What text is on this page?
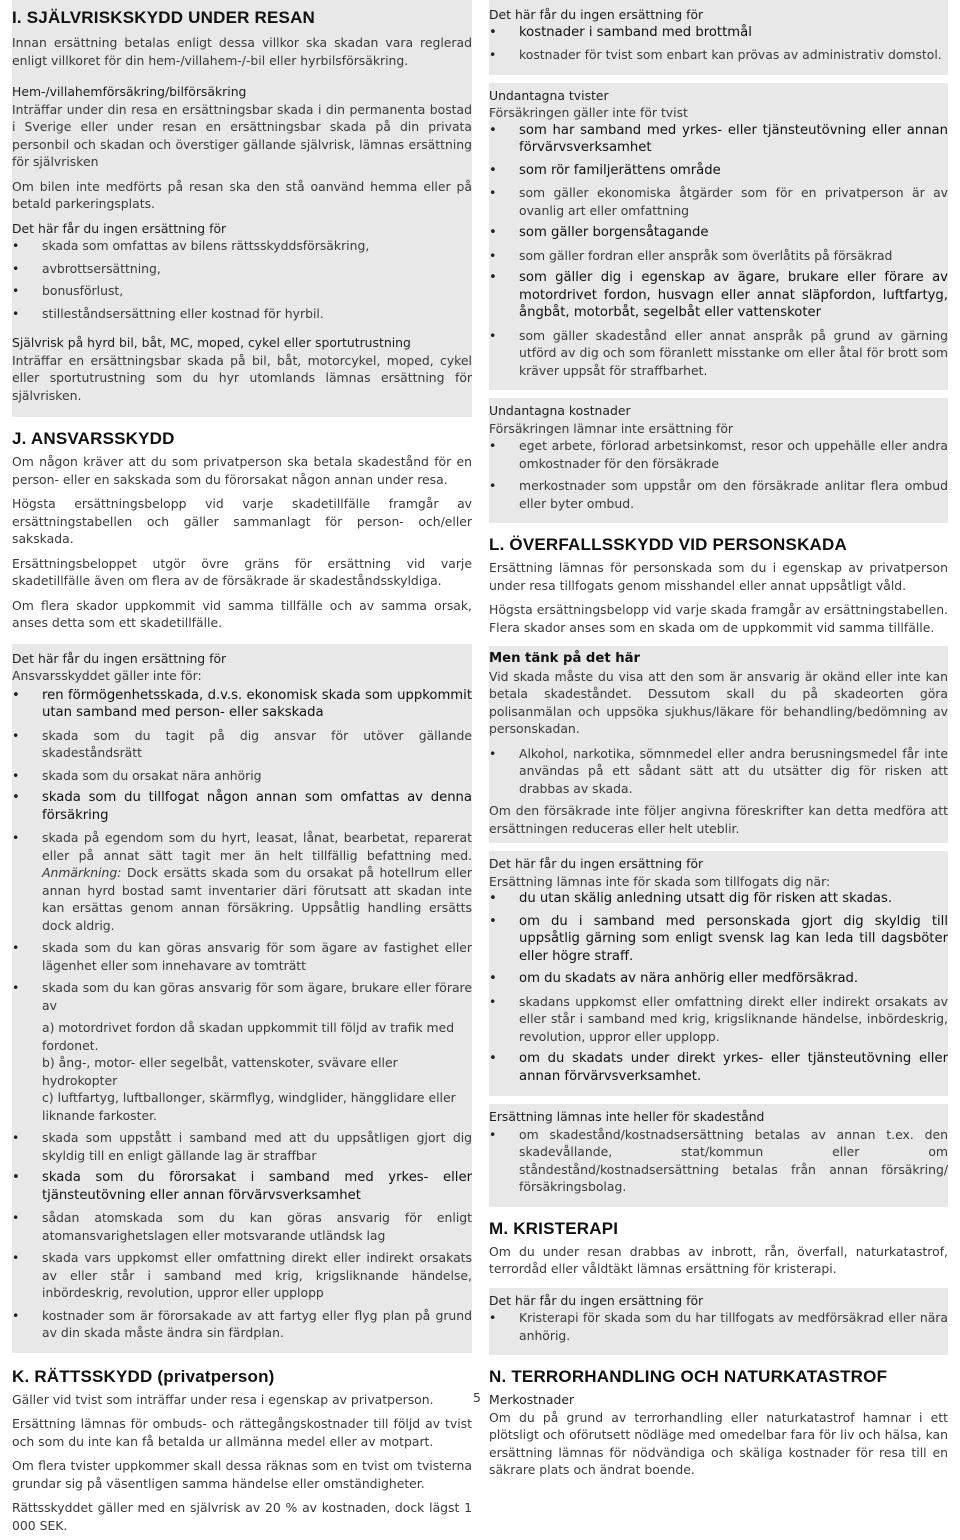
I. SJÄLVRISKSKYDD UNDER RESAN

Innan ersättning betalas enligt dessa villkor ska skadan vara reglerad enligt villkoret för din hem-/villahem-/-bil eller hyrbilsförsäkring.

Hem-/villahemförsäkring/bilförsäkring

Inträffar under din resa en ersättningsbar skada i din permanenta bostad i Sverige eller under resan en ersättningsbar skada på din privata personbil och skadan och överstiger gällande självrisk, lämnas ersättning för självrisken

Om bilen inte medförts på resan ska den stå oanvänd hemma eller på betald parkeringsplats.

Det här får du ingen ersättning för
• skada som omfattas av bilens rättsskyddsförsäkring,
• avbrottsersättning,
• bonusförlust,
• stilleståndsersättning eller kostnad för hyrbil.
Självrisk på hyrd bil, båt, MC, moped, cykel eller sportutrustning

Inträffar en ersättningsbar skada på bil, båt, motorcykel, moped, cykel eller sportutrustning som du hyr utomlands lämnas ersättning för självrisken.

J. ANSVARSSKYDD

Om någon kräver att du som privatperson ska betala skadestånd för en person- eller en sakskada som du förorsakat någon annan under resa.

Högsta ersättningsbelopp vid varje skadetillfälle framgår av ersättningstabellen och gäller sammanlagt för person- och/eller sakskada.

Ersättningsbeloppet utgör övre gräns för ersättning vid varje skadetillfälle även om flera av de försäkrade är skadeståndsskyldiga.

Om flera skador uppkommit vid samma tillfälle och av samma orsak, anses detta som ett skadetillfälle.

Det här får du ingen ersättning för
Ansvarsskyddet gäller inte för:
• ren förmögenhetsskada, d.v.s. ekonomisk skada som uppkommit utan samband med person- eller sakskada
• skada som du tagit på dig ansvar för utöver gällande skadeståndsrätt
• skada som du orsakat nära anhörig
• skada som du tillfogat någon annan som omfattas av denna försäkring
• skada på egendom som du hyrt, leasat, lånat, bearbetat, reparerat eller på annat sätt tagit mer än helt tillfällig befattning med. Anmärkning: Dock ersätts skada som du orsakat på hotellrum eller annan hyrd bostad samt inventarier däri förutsatt att skadan inte kan ersättas genom annan försäkring. Uppsåtlig handling ersätts dock aldrig.
• skada som du kan göras ansvarig för som ägare av fastighet eller lägenhet eller som innehavare av tomträtt
• skada som du kan göras ansvarig för som ägare, brukare eller förare av
a) motordrivet fordon då skadan uppkommit till följd av trafik med fordonet.
b) ång-, motor- eller segelbåt, vattenskoter, svävare eller hydrokopter
c) luftfartyg, luftballonger, skärmflyg, windglider, hängglidare eller liknande farkoster.
• skada som uppstått i samband med att du uppsåtligen gjort dig skyldig till en enligt gällande lag är straffbar
• skada som du förorsakat i samband med yrkes- eller tjänsteutövning eller annan förvärvsverksamhet
• sådan atomskada som du kan göras ansvarig för enligt atomansvarighetslagen eller motsvarande utländsk lag
• skada vars uppkomst eller omfattning direkt eller indirekt orsakats av eller står i samband med krig, krigsliknande händelse, inbördeskrig, revolution, uppror eller upplopp
• kostnader som är förorsakade av att fartyg eller flyg plan på grund av din skada måste ändra sin färdplan.
K. RÄTTSSKYDD (privatperson)

Gäller vid tvist som inträffar under resa i egenskap av privatperson.

Ersättning lämnas för ombuds- och rättegångskostnader till följd av tvist och som du inte kan få betalda ur allmänna medel eller av motpart.

Om flera tvister uppkommer skall dessa räknas som en tvist om tvisterna grundar sig på väsentligen samma händelse eller omständigheter.

Rättsskyddet gäller med en självrisk av 20 % av kostnaden, dock lägst 1 000 SEK.

Det här får du ingen ersättning för
• kostnader i samband med brottmål
• kostnader för tvist som enbart kan prövas av administrativ domstol.
Undantagna tvister
Försäkringen gäller inte för tvist
• som har samband med yrkes- eller tjänsteutövning eller annan förvärvsverksamhet
• som rör familjerättens område
• som gäller ekonomiska åtgärder som för en privatperson är av ovanlig art eller omfattning
• som gäller borgensåtagande
• som gäller fordran eller anspråk som överlåtits på försäkrad
• som gäller dig i egenskap av ägare, brukare eller förare av motordrivet fordon, husvagn eller annat släpfordon, luftfartyg, ångbåt, motorbåt, segelbåt eller vattenskoter
• som gäller skadestånd eller annat anspråk på grund av gärning utförd av dig och som föranlett misstanke om eller åtal för brott som kräver uppsåt för straffbarhet.
Undantagna kostnader
Försäkringen lämnar inte ersättning för
• eget arbete, förlorad arbetsinkomst, resor och uppehälle eller andra omkostnader för den försäkrade
• merkostnader som uppstår om den försäkrade anlitar flera ombud eller byter ombud.
L. ÖVERFALLSSKYDD VID PERSONSKADA

Ersättning lämnas för personskada som du i egenskap av privatperson under resa tillfogats genom misshandel eller annat uppsåtligt våld.

Högsta ersättningsbelopp vid varje skada framgår av ersättningstabellen. Flera skador anses som en skada om de uppkommit vid samma tillfälle.

Men tänk på det här

Vid skada måste du visa att den som är ansvarig är okänd eller inte kan betala skadeståndet. Dessutom skall du på skadeorten göra polisanmälan och uppsöka sjukhus/läkare för behandling/bedömning av personskadan.

• Alkohol, narkotika, sömnmedel eller andra berusningsmedel får inte användas på ett sådant sätt att du utsätter dig för risken att drabbas av skada.

Om den försäkrade inte följer angivna föreskrifter kan detta medföra att ersättningen reduceras eller helt uteblir.

Det här får du ingen ersättning för
Ersättning lämnas inte för skada som tillfogats dig när:
• du utan skälig anledning utsatt dig för risken att skadas.
• om du i samband med personskada gjort dig skyldig till uppsåtlig gärning som enligt svensk lag kan leda till dagsböter eller högre straff.
• om du skadats av nära anhörig eller medförsäkrad.
• skadans uppkomst eller omfattning direkt eller indirekt orsakats av eller står i samband med krig, krigsliknande händelse, inbördeskrig, revolution, uppror eller upplopp.
• om du skadats under direkt yrkes- eller tjänsteutövning eller annan förvärvsverksamhet.
Ersättning lämnas inte heller för skadestånd
• om skadestånd/kostnadsersättning betalas av annan t.ex. den skadevållande, stat/kommun eller om ståndestånd/kostnadsersättning betalas från annan försäkring/ försäkringsbolag.
M. KRISTERAPI

Om du under resan drabbas av inbrott, rån, överfall, naturkatastrof, terrordåd eller våldtäkt lämnas ersättning för kristerapi.

Det här får du ingen ersättning för
• Kristerapi för skada som du har tillfogats av medförsäkrad eller nära anhörig.
N. TERRORHANDLING OCH NATURKATASTROF
Merkostnader

Om du på grund av terrorhandling eller naturkatastrof hamnar i ett plötsligt och oförutsett nödläge med omedelbar fara för liv och hälsa, kan ersättning lämnas för nödvändiga och skäliga kostnader för resa till en säkrare plats och ändrat boende.

5
